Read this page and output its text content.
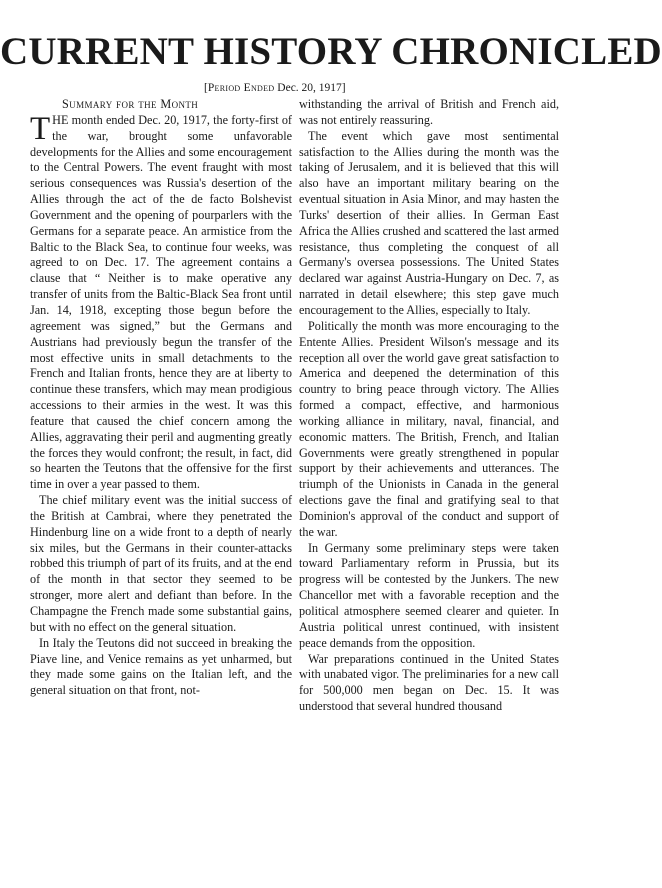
CURRENT HISTORY CHRONICLED
[Period Ended Dec. 20, 1917]
Summary for the Month

THE month ended Dec. 20, 1917, the forty-first of the war, brought some unfavorable developments for the Allies and some encouragement to the Central Powers. The event fraught with most serious consequences was Russia's desertion of the Allies through the act of the de facto Bolshevist Government and the opening of pourparlers with the Germans for a separate peace. An armistice from the Baltic to the Black Sea, to continue four weeks, was agreed to on Dec. 17. The agreement contains a clause that “ Neither is to make operative any transfer of units from the Baltic-Black Sea front until Jan. 14, 1918, excepting those begun before the agreement was signed,” but the Germans and Austrians had previously begun the transfer of the most effective units in small detachments to the French and Italian fronts, hence they are at liberty to continue these transfers, which may mean prodigious accessions to their armies in the west. It was this feature that caused the chief concern among the Allies, aggravating their peril and augmenting greatly the forces they would confront; the result, in fact, did so hearten the Teutons that the offensive for the first time in over a year passed to them.

The chief military event was the initial success of the British at Cambrai, where they penetrated the Hindenburg line on a wide front to a depth of nearly six miles, but the Germans in their counter-attacks robbed this triumph of part of its fruits, and at the end of the month in that sector they seemed to be stronger, more alert and defiant than before. In the Champagne the French made some substantial gains, but with no effect on the general situation.

In Italy the Teutons did not succeed in breaking the Piave line, and Venice remains as yet unharmed, but they made some gains on the Italian left, and the general situation on that front, not-

withstanding the arrival of British and French aid, was not entirely reassuring.

The event which gave most sentimental satisfaction to the Allies during the month was the taking of Jerusalem, and it is believed that this will also have an important military bearing on the eventual situation in Asia Minor, and may hasten the Turks' desertion of their allies. In German East Africa the Allies crushed and scattered the last armed resistance, thus completing the conquest of all Germany's oversea possessions. The United States declared war against Austria-Hungary on Dec. 7, as narrated in detail elsewhere; this step gave much encouragement to the Allies, especially to Italy.

Politically the month was more encouraging to the Entente Allies. President Wilson's message and its reception all over the world gave great satisfaction to America and deepened the determination of this country to bring peace through victory. The Allies formed a compact, effective, and harmonious working alliance in military, naval, financial, and economic matters. The British, French, and Italian Governments were greatly strengthened in popular support by their achievements and utterances. The triumph of the Unionists in Canada in the general elections gave the final and gratifying seal to that Dominion's approval of the conduct and support of the war.

In Germany some preliminary steps were taken toward Parliamentary reform in Prussia, but its progress will be contested by the Junkers. The new Chancellor met with a favorable reception and the political atmosphere seemed clearer and quieter. In Austria political unrest continued, with insistent peace demands from the opposition.

War preparations continued in the United States with unabated vigor. The preliminaries for a new call for 500,000 men began on Dec. 15. It was understood that several hundred thousand
